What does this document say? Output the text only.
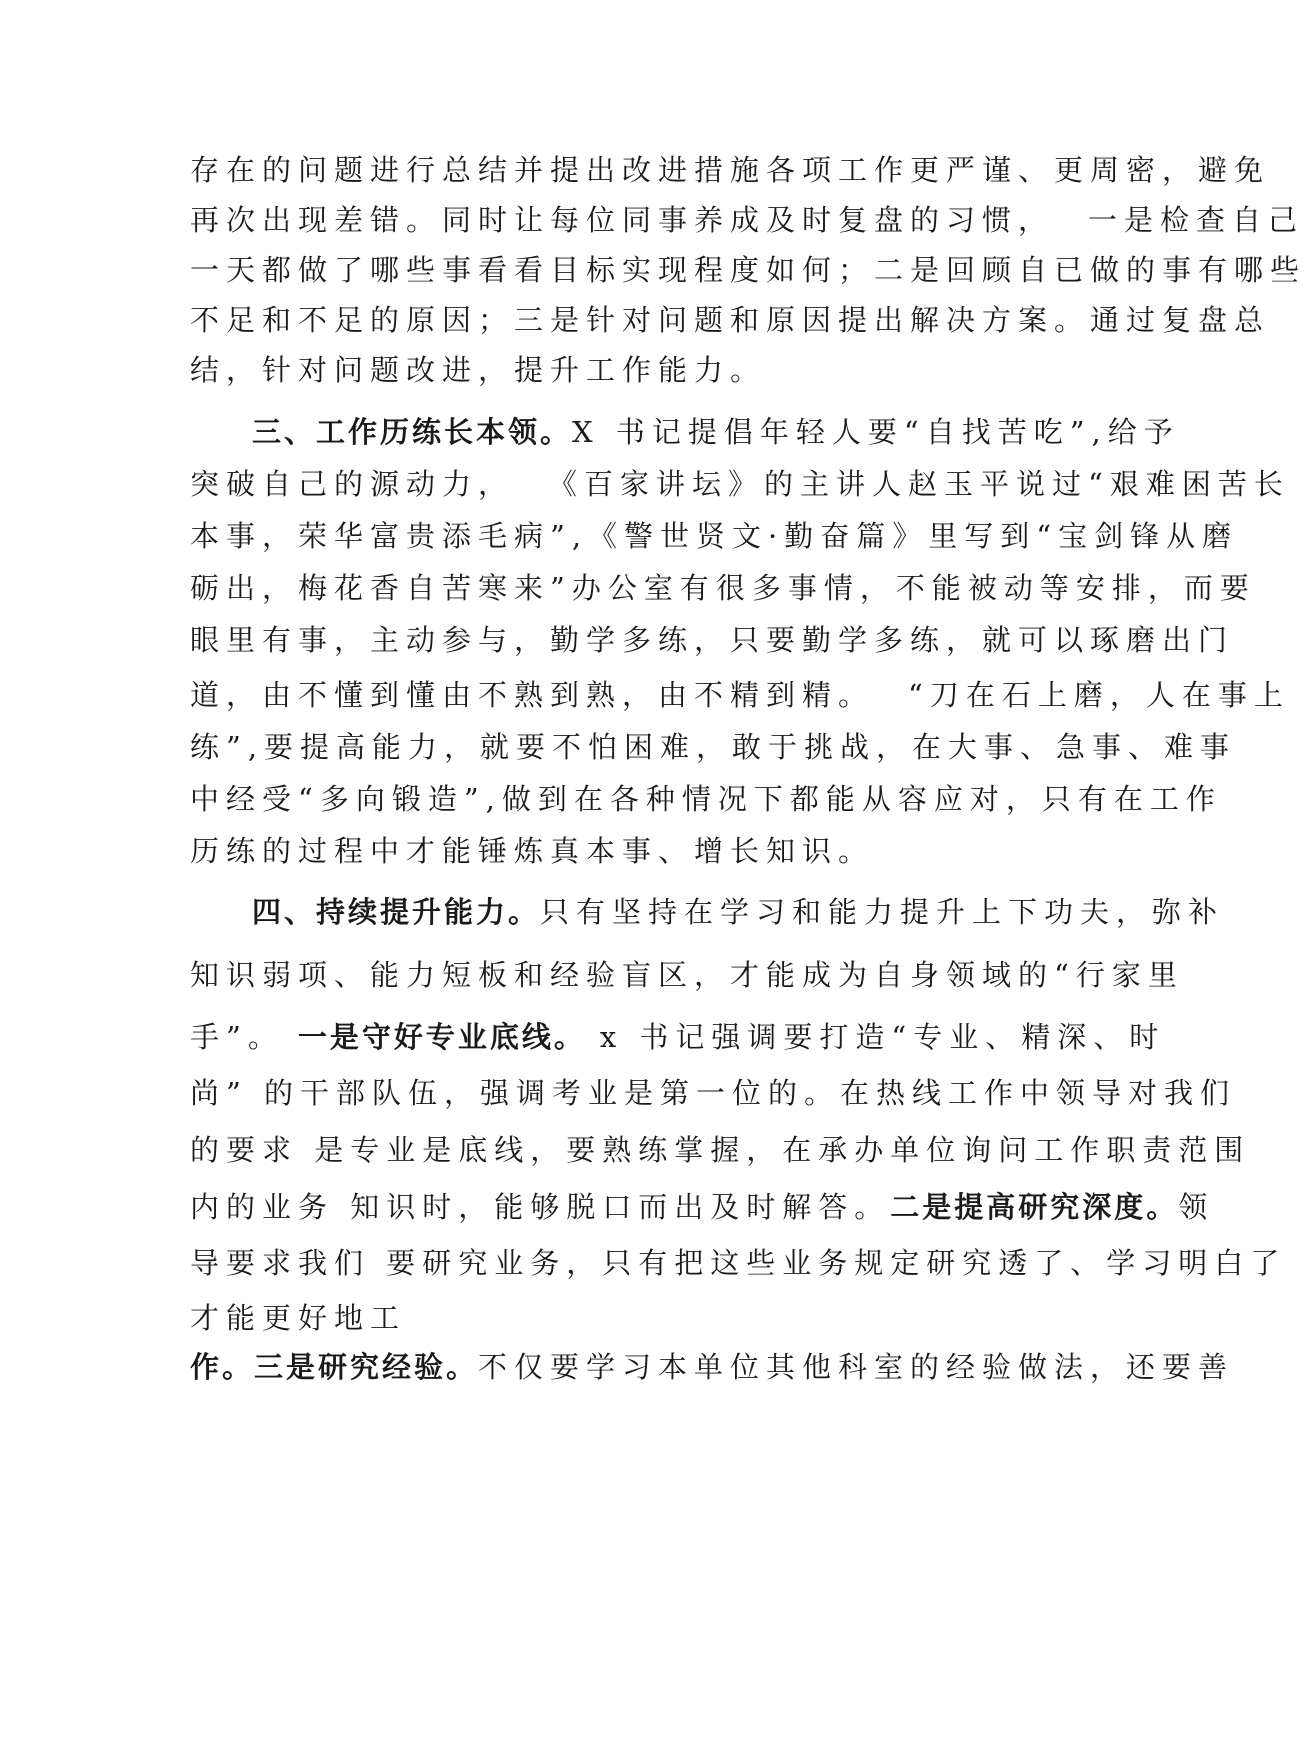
存在的问题进行总结并提出改进措施各项工作更严谨、更周密，避免
再次出现差错。同时让每位同事养成及时复盘的习惯， 一是检查自己
一天都做了哪些事看看目标实现程度如何；二是回顾自已做的事有哪些
不足和不足的原因；三是针对问题和原因提出解决方案。通过复盘总
结，针对问题改进，提升工作能力。
三、工作历练长本领。X 书记提倡年轻人要“自找苦吃”,给予
突破自己的源动力， 《百家讲坛》的主讲人赵玉平说过“艰难困苦长
本事，荣华富贵添毛病”,《警世贤文·勤奋篇》里写到“宝剑锋从磨
砺出，梅花香自苦寒来”办公室有很多事情，不能被动等安排，而要
眼里有事，主动参与，勤学多练，只要勤学多练，就可以琢磨出门
道，由不懂到懂由不熟到熟，由不精到精。 “刀在石上磨，人在事上
练”,要提高能力，就要不怕困难，敢于挑战，在大事、急事、难事
中经受“多向锻造”,做到在各种情况下都能从容应对，只有在工作
历练的过程中才能锤炼真本事、增长知识。
四、持续提升能力。只有坚持在学习和能力提升上下功夫，弥补
知识弱项、能力短板和经验盲区，才能成为自身领域的“行家里
手”。 一是守好专业底线。 x 书记强调要打造“专业、精深、时
尚” 的干部队伍，强调考业是第一位的。在热线工作中领导对我们
的要求 是专业是底线，要熟练掌握，在承办单位询问工作职责范围
内的业务 知识时，能够脱口而出及时解答。二是提高研究深度。领
导要求我们 要研究业务，只有把这些业务规定研究透了、学习明白了
才能更好地工
作。三是研究经验。不仅要学习本单位其他科室的经验做法，还要善
